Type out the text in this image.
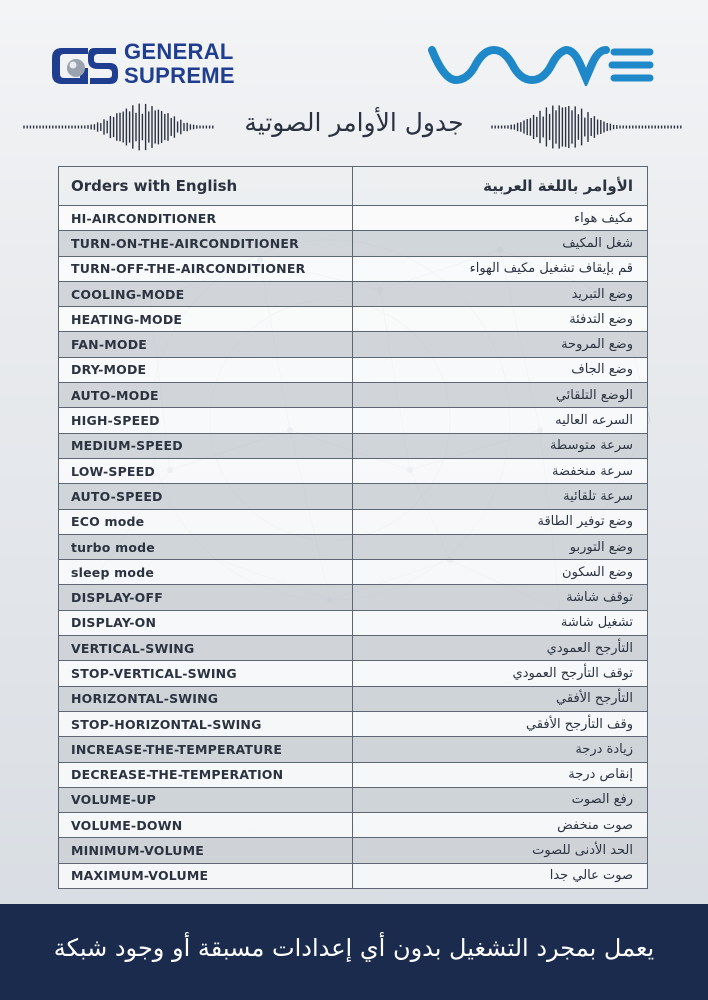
GENERAL
SUPREME
جدول الأوامر الصوتية
Orders with English	الأوامر باللغة العربية
HI-AIRCONDITIONER	مكيف هواء
TURN-ON-THE-AIRCONDITIONER	شغل المكيف
TURN-OFF-THE-AIRCONDITIONER	قم بإيقاف تشغيل مكيف الهواء
COOLING-MODE	وضع التبريد
HEATING-MODE	وضع التدفئة
FAN-MODE	وضع المروحة
DRY-MODE	وضع الجاف
AUTO-MODE	الوضع التلقائي
HIGH-SPEED	السرعه العاليه
MEDIUM-SPEED	سرعة متوسطة
LOW-SPEED	سرعة منخفضة
AUTO-SPEED	سرعة تلقائية
ECO mode	وضع توفير الطاقة
turbo mode	وضع التوربو
sleep mode	وضع السكون
DISPLAY-OFF	توقف شاشة
DISPLAY-ON	تشغيل شاشة
VERTICAL-SWING	التأرجح العمودي
STOP-VERTICAL-SWING	توقف التأرجح العمودي
HORIZONTAL-SWING	التأرجح الأفقي
STOP-HORIZONTAL-SWING	وقف التأرجح الأفقي
INCREASE-THE-TEMPERATURE	زيادة درجة
DECREASE-THE-TEMPERATION	إنقاص درجة
VOLUME-UP	رفع الصوت
VOLUME-DOWN	صوت منخفض
MINIMUM-VOLUME	الحد الأدنى للصوت
MAXIMUM-VOLUME	صوت عالي جدا
يعمل بمجرد التشغيل بدون أي إعدادات مسبقة أو وجود شبكة
